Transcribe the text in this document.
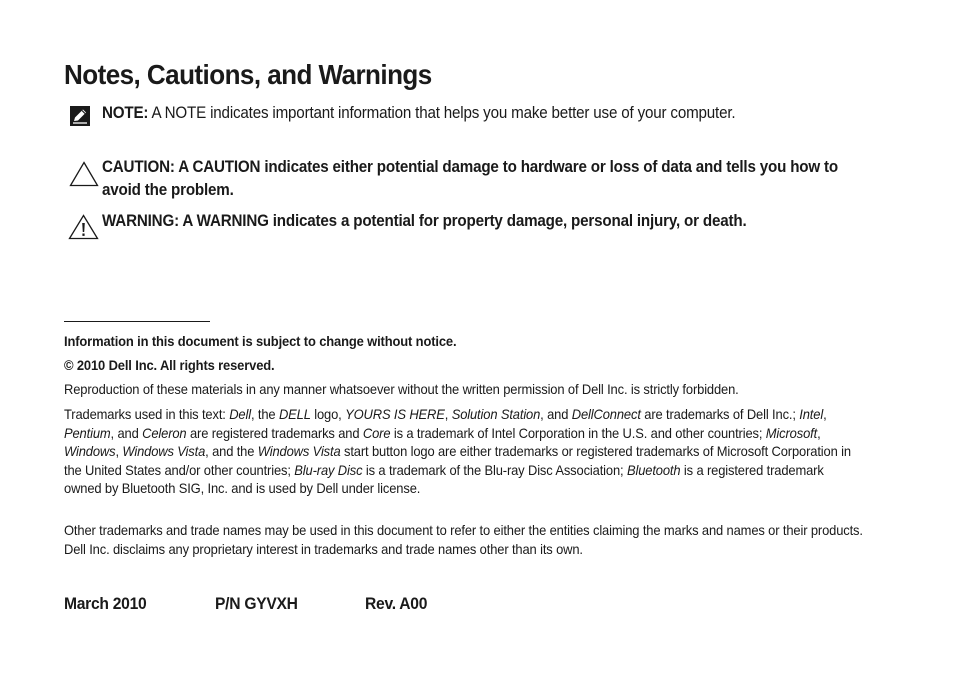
Notes, Cautions, and Warnings
NOTE: A NOTE indicates important information that helps you make better use of your computer.
CAUTION: A CAUTION indicates either potential damage to hardware or loss of data and tells you how to avoid the problem.
WARNING: A WARNING indicates a potential for property damage, personal injury, or death.
Information in this document is subject to change without notice.
© 2010 Dell Inc. All rights reserved.
Reproduction of these materials in any manner whatsoever without the written permission of Dell Inc. is strictly forbidden.
Trademarks used in this text: Dell, the DELL logo, YOURS IS HERE, Solution Station, and DellConnect are trademarks of Dell Inc.; Intel, Pentium, and Celeron are registered trademarks and Core is a trademark of Intel Corporation in the U.S. and other countries; Microsoft, Windows, Windows Vista, and the Windows Vista start button logo are either trademarks or registered trademarks of Microsoft Corporation in the United States and/or other countries; Blu-ray Disc is a trademark of the Blu-ray Disc Association; Bluetooth is a registered trademark owned by Bluetooth SIG, Inc. and is used by Dell under license.
Other trademarks and trade names may be used in this document to refer to either the entities claiming the marks and names or their products. Dell Inc. disclaims any proprietary interest in trademarks and trade names other than its own.
March 2010	P/N GYVXH	Rev. A00
